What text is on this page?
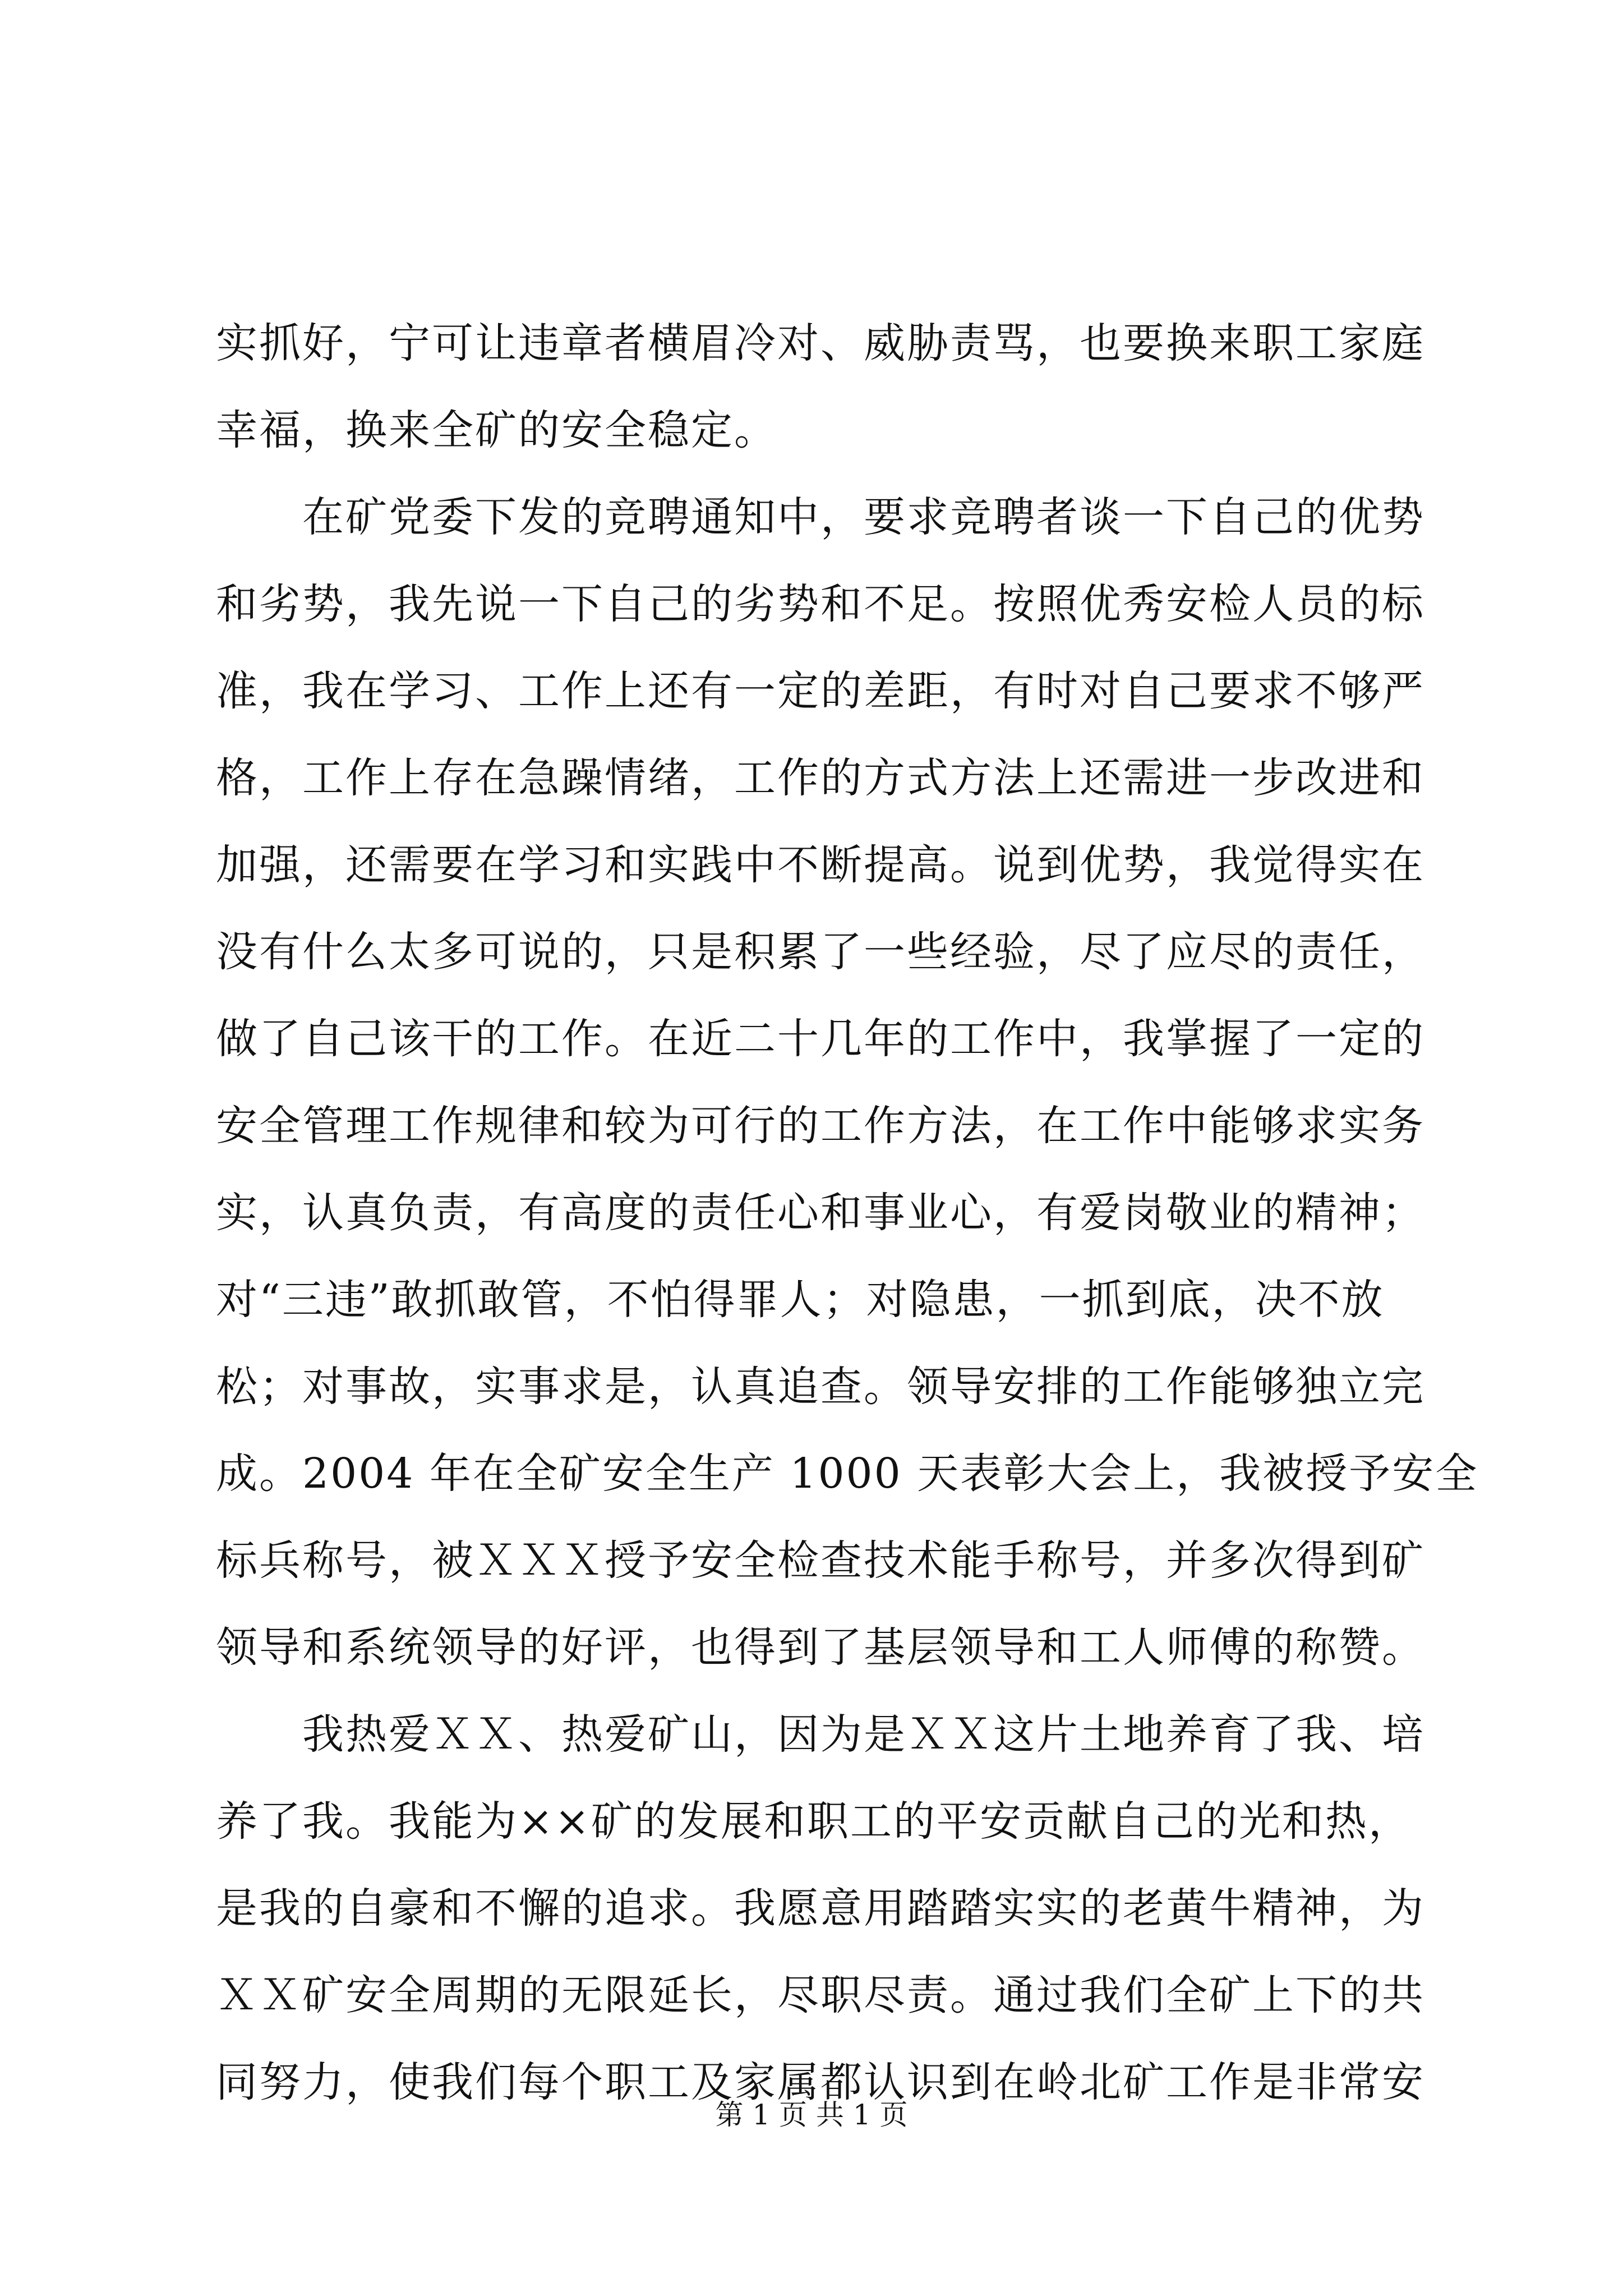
实抓好，宁可让违章者横眉冷对、威胁责骂，也要换来职工家庭
幸福，换来全矿的安全稳定。
　　在矿党委下发的竞聘通知中，要求竞聘者谈一下自己的优势
和劣势，我先说一下自己的劣势和不足。按照优秀安检人员的标
准，我在学习、工作上还有一定的差距，有时对自己要求不够严
格，工作上存在急躁情绪，工作的方式方法上还需进一步改进和
加强，还需要在学习和实践中不断提高。说到优势，我觉得实在
没有什么太多可说的，只是积累了一些经验，尽了应尽的责任，
做了自己该干的工作。在近二十几年的工作中，我掌握了一定的
安全管理工作规律和较为可行的工作方法，在工作中能够求实务
实，认真负责，有高度的责任心和事业心，有爱岗敬业的精神；
对“三违”敢抓敢管，不怕得罪人；对隐患，一抓到底，决不放
松；对事故，实事求是，认真追查。领导安排的工作能够独立完
成。2004 年在全矿安全生产 1000 天表彰大会上，我被授予安全
标兵称号，被ＸＸＸ授予安全检查技术能手称号，并多次得到矿
领导和系统领导的好评，也得到了基层领导和工人师傅的称赞。
　　我热爱ＸＸ、热爱矿山，因为是ＸＸ这片土地养育了我、培
养了我。我能为××矿的发展和职工的平安贡献自己的光和热，
是我的自豪和不懈的追求。我愿意用踏踏实实的老黄牛精神，为
ＸＸ矿安全周期的无限延长，尽职尽责。通过我们全矿上下的共
同努力，使我们每个职工及家属都认识到在岭北矿工作是非常安
第 1 页 共 1 页
